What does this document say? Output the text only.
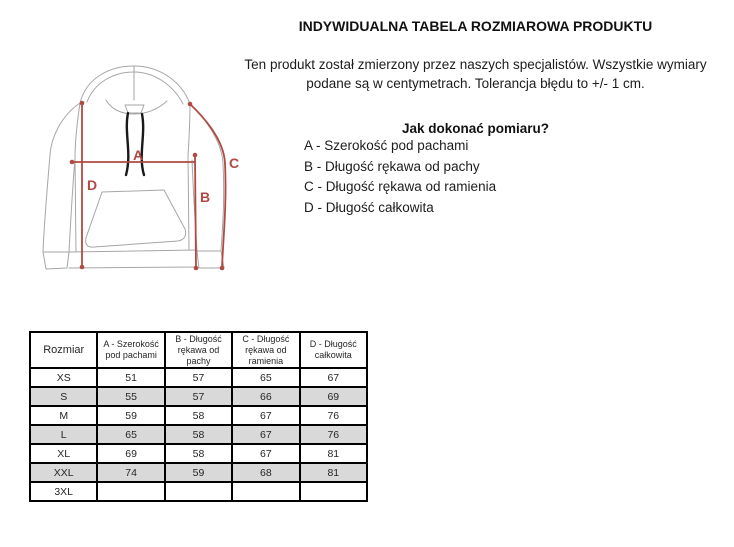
INDYWIDUALNA TABELA ROZMIAROWA PRODUKTU
Ten produkt został zmierzony przez naszych specjalistów. Wszystkie wymiary
podane są w centymetrach. Tolerancja błędu to +/- 1 cm.
Jak dokonać pomiaru?
A - Szerokość pod pachami
B - Długość rękawa od pachy
C - Długość rękawa od ramienia
D - Długość całkowita
A
B
C
D
Rozmiar	A - Szerokość pod pachami	B - Długość rękawa od pachy	C - Długość rękawa od ramienia	D - Długość całkowita
XS	51	57	65	67
S	55	57	66	69
M	59	58	67	76
L	65	58	67	76
XL	69	58	67	81
XXL	74	59	68	81
3XL				
